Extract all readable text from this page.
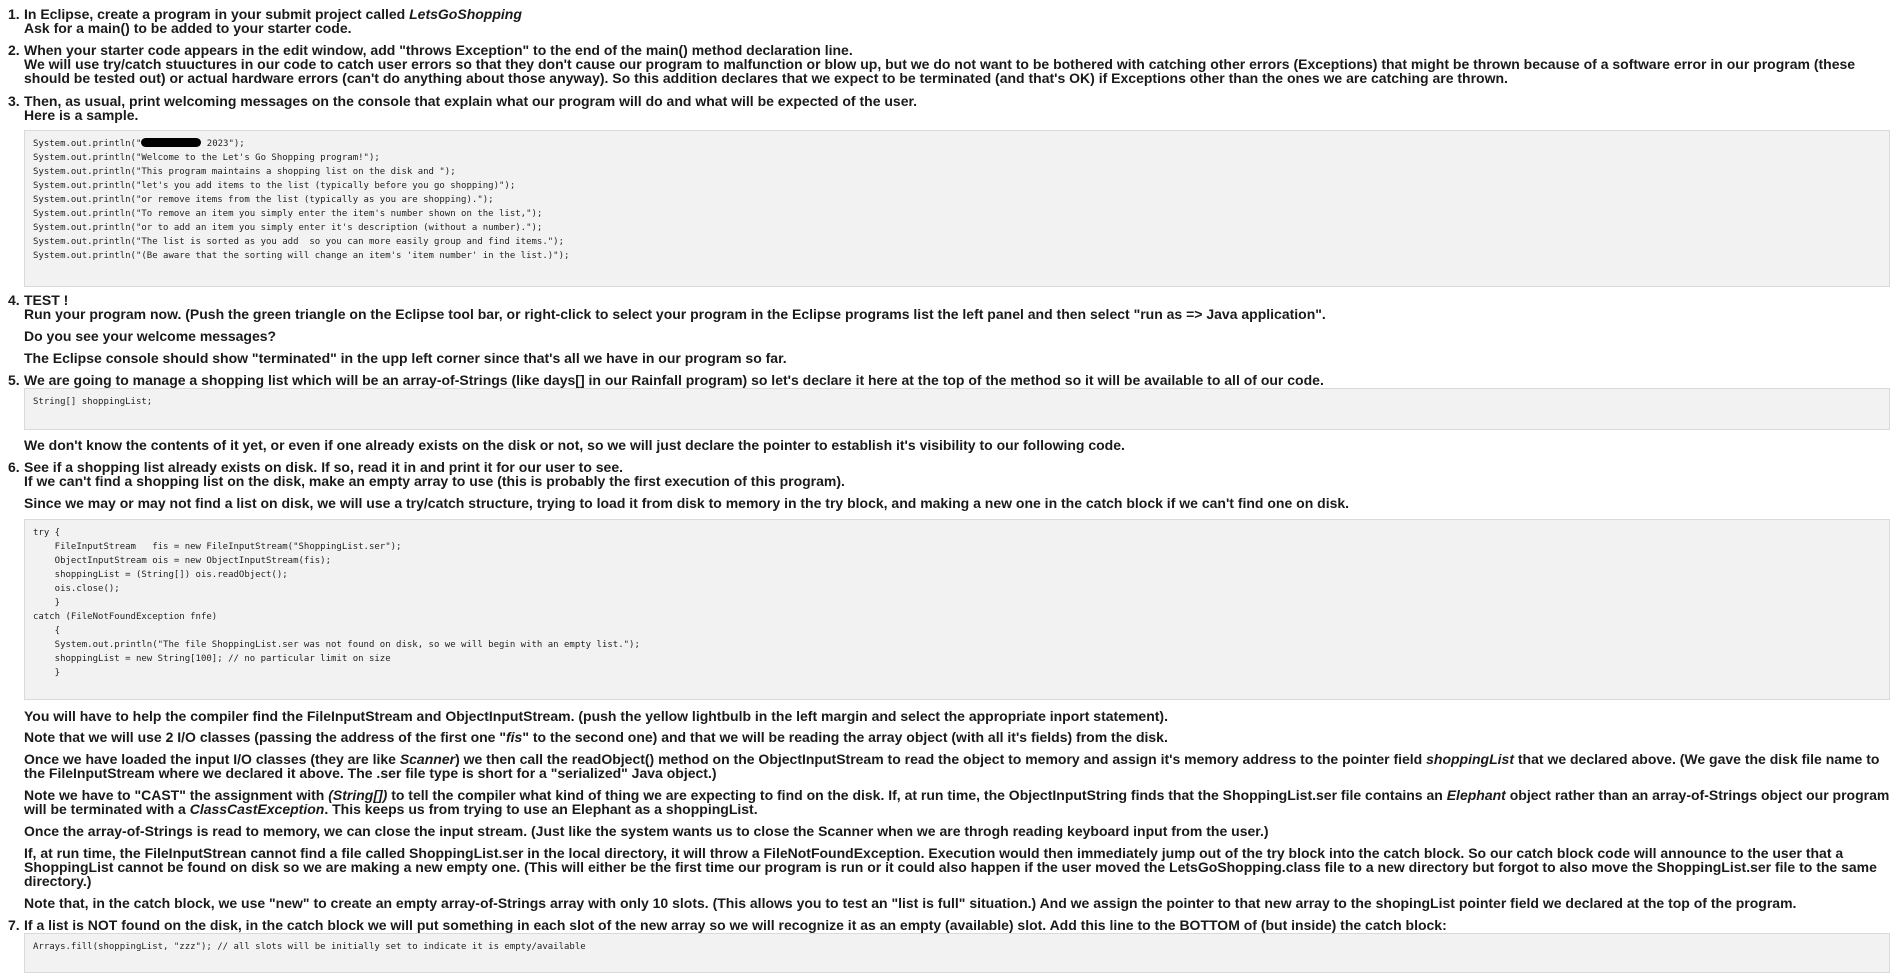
1. In Eclipse, create a program in your submit project called LetsGoShopping
Ask for a main() to be added to your starter code.
2. When your starter code appears in the edit window, add "throws Exception" to the end of the main() method declaration line.
We will use try/catch stuuctures in our code to catch user errors so that they don't cause our program to malfunction or blow up, but we do not want to be bothered with catching other errors (Exceptions) that might be thrown because of a software error in our program (these should be tested out) or actual hardware errors (can't do anything about those anyway). So this addition declares that we expect to be terminated (and that's OK) if Exceptions other than the ones we are catching are thrown.
3. Then, as usual, print welcoming messages on the console that explain what our program will do and what will be expected of the user.
Here is a sample.
System.out.println("	2023");
System.out.println("Welcome to the Let's Go Shopping program!");
System.out.println("This program maintains a shopping list on the disk and ");
System.out.println("let's you add items to the list (typically before you go shopping)");
System.out.println("or remove items from the list (typically as you are shopping).");
System.out.println("To remove an item you simply enter the item's number shown on the list,");
System.out.println("or to add an item you simply enter it's description (without a number).");
System.out.println("The list is sorted as you add  so you can more easily group and find items.");
System.out.println("(Be aware that the sorting will change an item's 'item number' in the list.)");
4. TEST !
Run your program now. (Push the green triangle on the Eclipse tool bar, or right-click to select your program in the Eclipse programs list the left panel and then select "run as => Java application".
Do you see your welcome messages?
The Eclipse console should show "terminated" in the upp left corner since that's all we have in our program so far.
5. We are going to manage a shopping list which will be an array-of-Strings (like days[] in our Rainfall program) so let's declare it here at the top of the method so it will be available to all of our code.
String[] shoppingList;
We don't know the contents of it yet, or even if one already exists on the disk or not, so we will just declare the pointer to establish it's visibility to our following code.
6. See if a shopping list already exists on disk. If so, read it in and print it for our user to see.
If we can't find a shopping list on the disk, make an empty array to use (this is probably the first execution of this program).
Since we may or may not find a list on disk, we will use a try/catch structure, trying to load it from disk to memory in the try block, and making a new one in the catch block if we can't find one on disk.
try {
FileInputStream   fis = new FileInputStream("ShoppingList.ser");
ObjectInputStream ois = new ObjectInputStream(fis);
shoppingList = (String[]) ois.readObject();
ois.close();
}
catch (FileNotFoundException fnfe)
{
System.out.println("The file ShoppingList.ser was not found on disk, so we will begin with an empty list.");
shoppingList = new String[100]; // no particular limit on size
}
You will have to help the compiler find the FileInputStream and ObjectInputStream. (push the yellow lightbulb in the left margin and select the appropriate inport statement).
Note that we will use 2 I/O classes (passing the address of the first one "fis" to the second one) and that we will be reading the array object (with all it's fields) from the disk.
Once we have loaded the input I/O classes (they are like Scanner) we then call the readObject() method on the ObjectInputStream to read the object to memory and assign it's memory address to the pointer field shoppingList that we declared above. (We gave the disk file name to the FileInputStream where we declared it above. The .ser file type is short for a "serialized" Java object.)
Note we have to "CAST" the assignment with (String[]) to tell the compiler what kind of thing we are expecting to find on the disk. If, at run time, the ObjectInputString finds that the ShoppingList.ser file contains an Elephant object rather than an array-of-Strings object our program will be terminated with a ClassCastException. This keeps us from trying to use an Elephant as a shoppingList.
Once the array-of-Strings is read to memory, we can close the input stream. (Just like the system wants us to close the Scanner when we are throgh reading keyboard input from the user.)
If, at run time, the FileInputStrean cannot find a file called ShoppingList.ser in the local directory, it will throw a FileNotFoundException. Execution would then immediately jump out of the try block into the catch block. So our catch block code will announce to the user that a ShoppingList cannot be found on disk so we are making a new empty one. (This will either be the first time our program is run or it could also happen if the user moved the LetsGoShopping.class file to a new directory but forgot to also move the ShoppingList.ser file to the same directory.)
Note that, in the catch block, we use "new" to create an empty array-of-Strings array with only 10 slots. (This allows you to test an "list is full" situation.) And we assign the pointer to that new array to the shopingList pointer field we declared at the top of the program.
7. If a list is NOT found on the disk, in the catch block we will put something in each slot of the new array so we will recognize it as an empty (available) slot. Add this line to the BOTTOM of (but inside) the catch block:
Arrays.fill(shoppingList, "zzz"); // all slots will be initially set to indicate it is empty/available
